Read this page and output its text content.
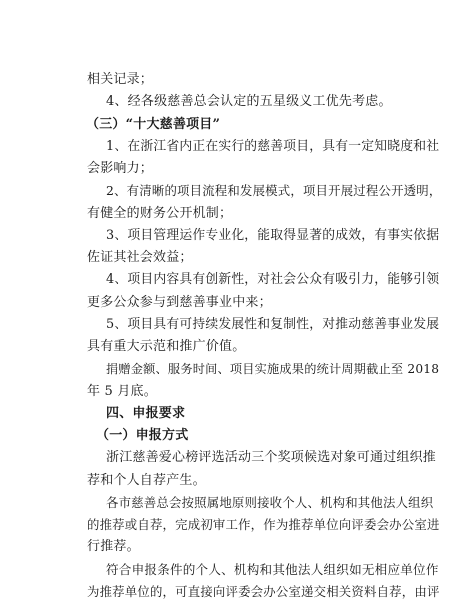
相关记录；

4、经各级慈善总会认定的五星级义工优先考虑。

（三）“十大慈善项目”

1、在浙江省内正在实行的慈善项目，具有一定知晓度和社

会影响力；

2、有清晰的项目流程和发展模式，项目开展过程公开透明，

有健全的财务公开机制；

3、项目管理运作专业化，能取得显著的成效，有事实依据

佐证其社会效益；

4、项目内容具有创新性，对社会公众有吸引力，能够引领

更多公众参与到慈善事业中来；

5、项目具有可持续发展性和复制性，对推动慈善事业发展

具有重大示范和推广价值。

捐赠金额、服务时间、项目实施成果的统计周期截止至 2018

年 5 月底。

四、申报要求

（一）申报方式

浙江慈善爱心榜评选活动三个奖项候选对象可通过组织推

荐和个人自荐产生。

各市慈善总会按照属地原则接收个人、机构和其他法人组织

的推荐或自荐，完成初审工作，作为推荐单位向评委会办公室进

行推荐。

符合申报条件的个人、机构和其他法人组织如无相应单位作

为推荐单位的，可直接向评委会办公室递交相关资料自荐，由评
